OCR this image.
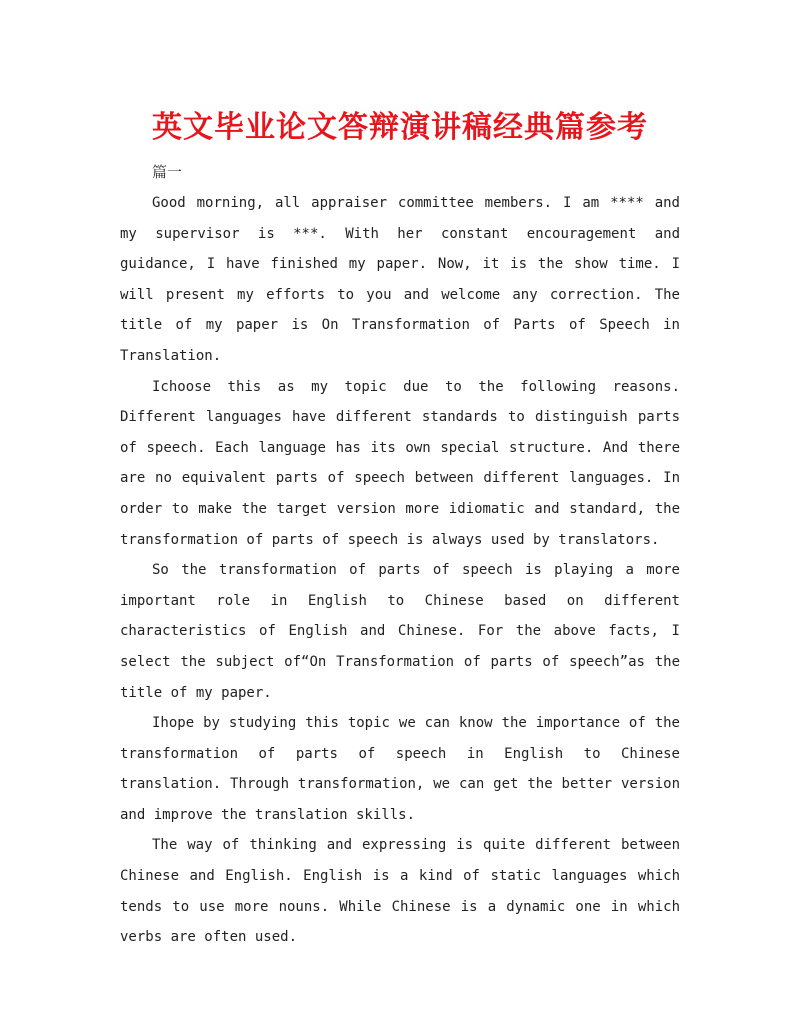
英文毕业论文答辩演讲稿经典篇参考
篇一

Good morning, all appraiser committee members. I am **** and my supervisor is ***. With her constant encouragement and guidance, I have finished my paper. Now, it is the show time. I will present my efforts to you and welcome any correction. The title of my paper is On Transformation of Parts of Speech in Translation.

Ichoose this as my topic due to the following reasons. Different languages have different standards to distinguish parts of speech. Each language has its own special structure. And there are no equivalent parts of speech between different languages. In order to make the target version more idiomatic and standard, the transformation of parts of speech is always used by translators.

So the transformation of parts of speech is playing a more important role in English to Chinese based on different characteristics of English and Chinese. For the above facts, I select the subject of“On Transformation of parts of speech”as the title of my paper.

Ihope by studying this topic we can know the importance of the transformation of parts of speech in English to Chinese translation. Through transformation, we can get the better version and improve the translation skills.

The way of thinking and expressing is quite different between Chinese and English. English is a kind of static languages which tends to use more nouns. While Chinese is a dynamic one in which verbs are often used.
